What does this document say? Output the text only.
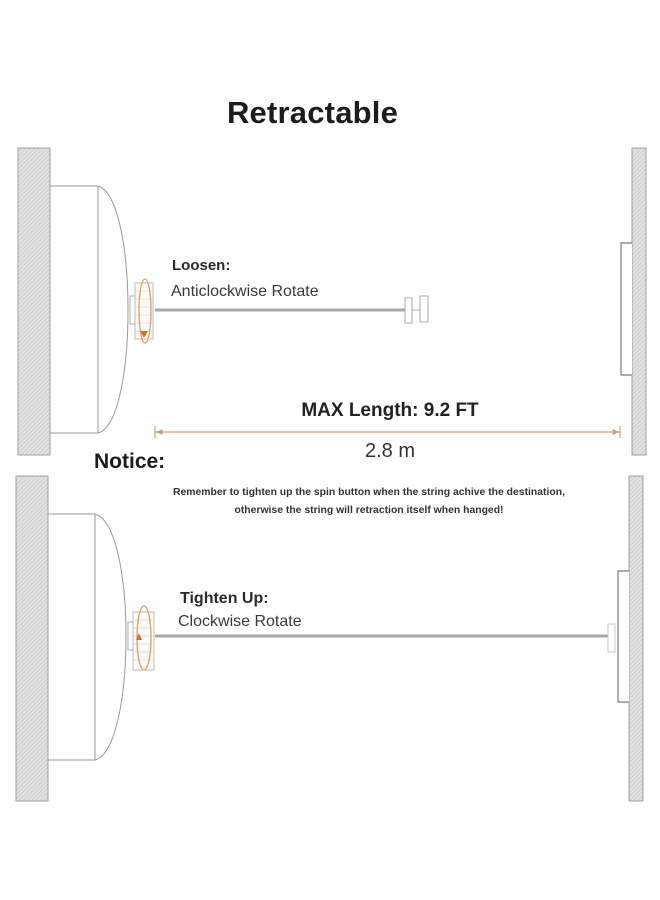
Retractable
Loosen:
Anticlockwise Rotate
MAX Length: 9.2 FT
2.8 m
Notice:
Remember to tighten up the spin button when the string achive the destination,
otherwise the string will retraction itself when hanged!
Tighten Up:
Clockwise Rotate
